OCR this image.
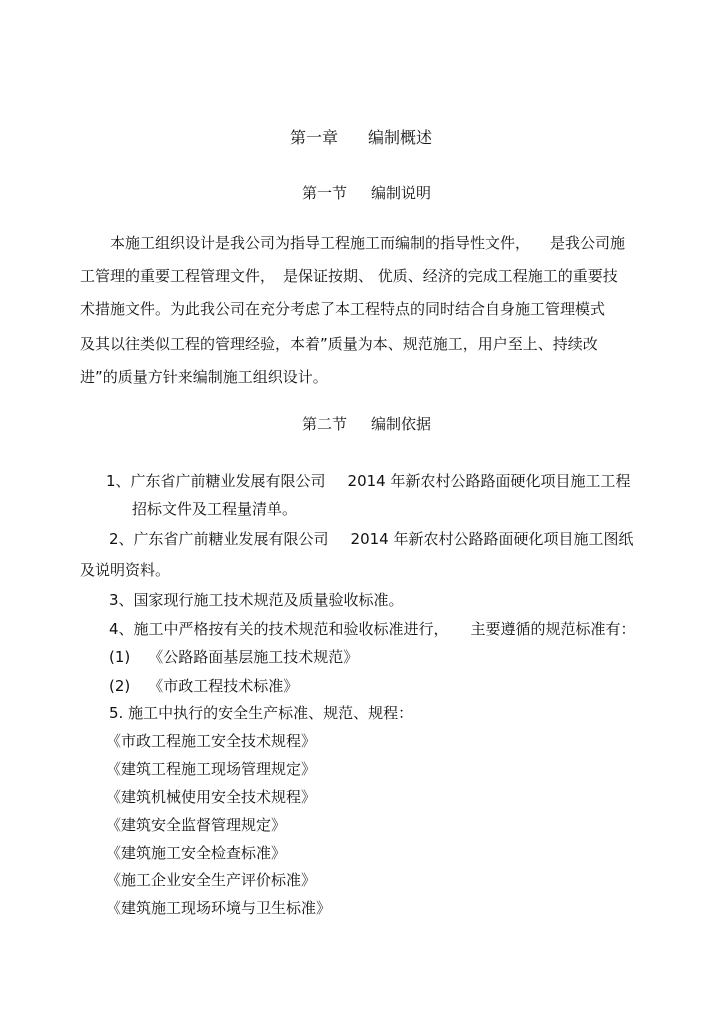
第一章 编制概述
第一节 编制说明
本施工组织设计是我公司为指导工程施工而编制的指导性文件， 是我公司施
工管理的重要工程管理文件， 是保证按期、 优质、经济的完成工程施工的重要技
术措施文件。为此我公司在充分考虑了本工程特点的同时结合自身施工管理模式
及其以往类似工程的管理经验，本着”质量为本、规范施工，用户至上、持续改
进”的质量方针来编制施工组织设计。
第二节 编制依据
1、广东省广前糖业发展有限公司 2014 年新农村公路路面硬化项目施工工程
招标文件及工程量清单。
2、广东省广前糖业发展有限公司 2014 年新农村公路路面硬化项目施工图纸
及说明资料。
3、国家现行施工技术规范及质量验收标准。
4、施工中严格按有关的技术规范和验收标准进行， 主要遵循的规范标准有：
(1) 《公路路面基层施工技术规范》
(2) 《市政工程技术标准》
5. 施工中执行的安全生产标准、规范、规程：
《市政工程施工安全技术规程》
《建筑工程施工现场管理规定》
《建筑机械使用安全技术规程》
《建筑安全监督管理规定》
《建筑施工安全检查标准》
《施工企业安全生产评价标准》
《建筑施工现场环境与卫生标准》
